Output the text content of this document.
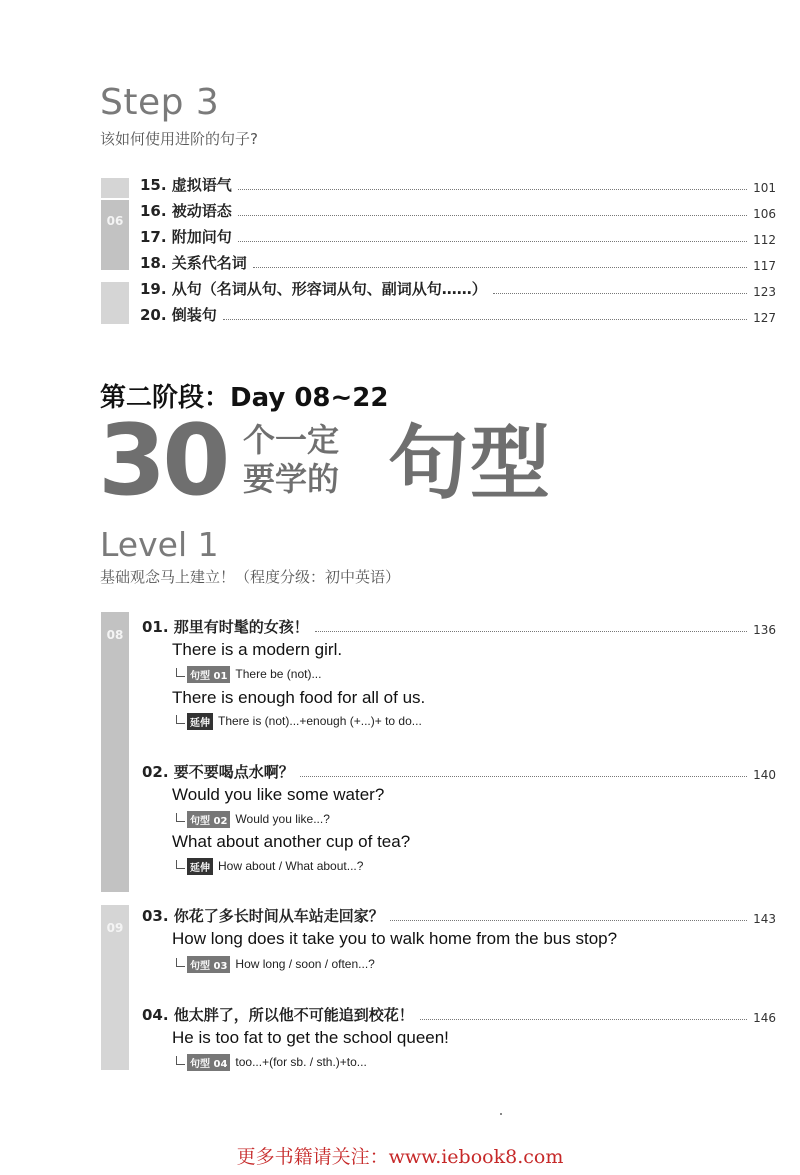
Step 3
该如何使用进阶的句子?
06
15. 虚拟语气	101
16. 被动语态	106
17. 附加问句	112
18. 关系代名词	117
19. 从句（名词从句、形容词从句、副词从句……）	123
20. 倒装句	127
第二阶段：Day 08~22
30 个一定
要学的 句型
Level 1
基础观念马上建立！（程度分级：初中英语）
08
09
01. 那里有时髦的女孩！	136
There is a modern girl.
句型 01 There be (not)...
There is enough food for all of us.
延伸 There is (not)...+enough (+...)+ to do...
02. 要不要喝点水啊？	140
Would you like some water?
句型 02 Would you like...?
What about another cup of tea?
延伸 How about / What about...?
03. 你花了多长时间从车站走回家？	143
How long does it take you to walk home from the bus stop?
句型 03 How long / soon / often...?
04. 他太胖了，所以他不可能追到校花！	146
He is too fat to get the school queen!
句型 04 too...+(for sb. / sth.)+to...
更多书籍请关注：www.iebook8.com
